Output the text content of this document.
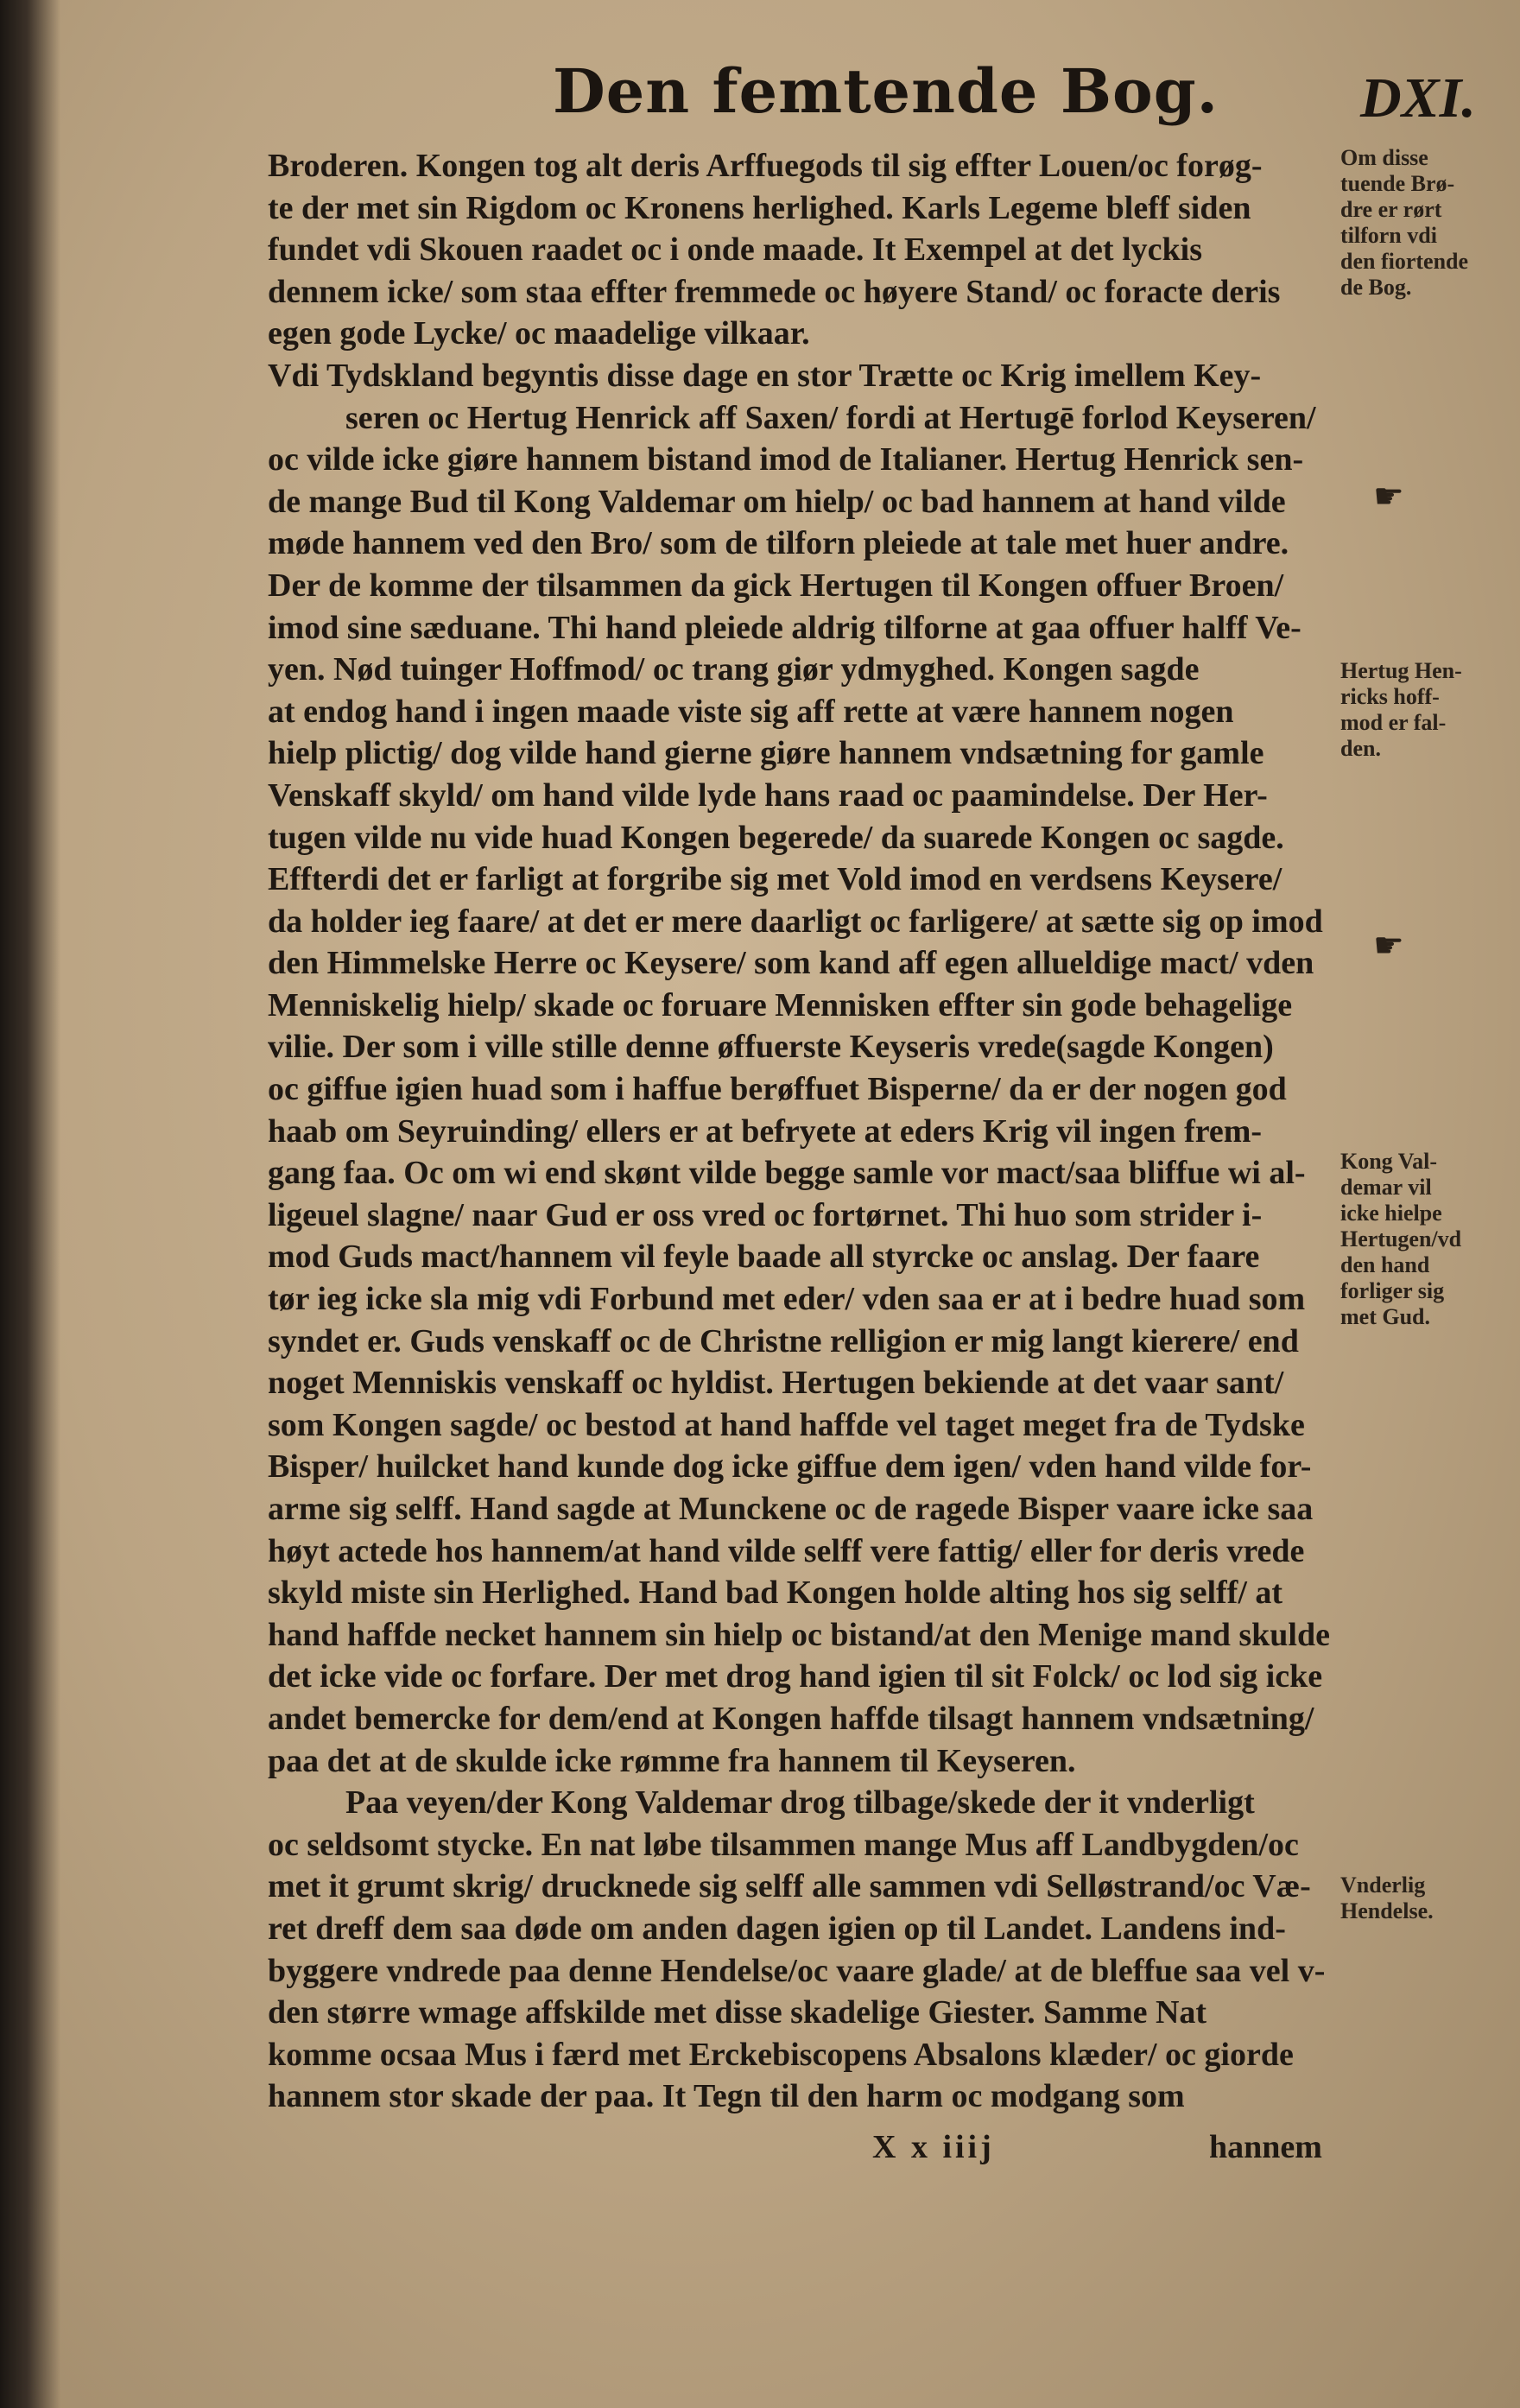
Den femtende Bog. DXI.
Broderen. Kongen tog alt deris Arffuegods til sig effter Louen/oc forøg-
te der met sin Rigdom oc Kronens herlighed. Karls Legeme bleff siden
fundet vdi Skouen raadet oc i onde maade. It Exempel at det lyckis
dennem icke/ som staa effter fremmede oc høyere Stand/ oc foracte deris
egen gode Lycke/ oc maadelige vilkaar.
Vdi Tydskland begyntis disse dage en stor Trætte oc Krig imellem Key-
seren oc Hertug Henrick aff Saxen/ fordi at Hertugē forlod Keyseren/
oc vilde icke giøre hannem bistand imod de Italianer. Hertug Henrick sen-
de mange Bud til Kong Valdemar om hielp/ oc bad hannem at hand vilde
møde hannem ved den Bro/ som de tilforn pleiede at tale met huer andre.
Der de komme der tilsammen da gick Hertugen til Kongen offuer Broen/
imod sine sæduane. Thi hand pleiede aldrig tilforne at gaa offuer halff Ve-
yen. Nød tuinger Hoffmod/ oc trang giør ydmyghed. Kongen sagde
at endog hand i ingen maade viste sig aff rette at være hannem nogen
hielp plictig/ dog vilde hand gierne giøre hannem vndsætning for gamle
Venskaff skyld/ om hand vilde lyde hans raad oc paamindelse. Der Her-
tugen vilde nu vide huad Kongen begerede/ da suarede Kongen oc sagde.
Effterdi det er farligt at forgribe sig met Vold imod en verdsens Keysere/
da holder ieg faare/ at det er mere daarligt oc farligere/ at sætte sig op imod
den Himmelske Herre oc Keysere/ som kand aff egen allueldige mact/ vden
Menniskelig hielp/ skade oc foruare Mennisken effter sin gode behagelige
vilie. Der som i ville stille denne øffuerste Keyseris vrede(sagde Kongen)
oc giffue igien huad som i haffue berøffuet Bisperne/ da er der nogen god
haab om Seyruinding/ ellers er at befryete at eders Krig vil ingen frem-
gang faa. Oc om wi end skønt vilde begge samle vor mact/saa bliffue wi al-
ligeuel slagne/ naar Gud er oss vred oc fortørnet. Thi huo som strider i-
mod Guds mact/hannem vil feyle baade all styrcke oc anslag. Der faare
tør ieg icke sla mig vdi Forbund met eder/ vden saa er at i bedre huad som
syndet er. Guds venskaff oc de Christne relligion er mig langt kierere/ end
noget Menniskis venskaff oc hyldist. Hertugen bekiende at det vaar sant/
som Kongen sagde/ oc bestod at hand haffde vel taget meget fra de Tydske
Bisper/ huilcket hand kunde dog icke giffue dem igen/ vden hand vilde for-
arme sig selff. Hand sagde at Munckene oc de ragede Bisper vaare icke saa
høyt actede hos hannem/at hand vilde selff vere fattig/ eller for deris vrede
skyld miste sin Herlighed. Hand bad Kongen holde alting hos sig selff/ at
hand haffde necket hannem sin hielp oc bistand/at den Menige mand skulde
det icke vide oc forfare. Der met drog hand igien til sit Folck/ oc lod sig icke
andet bemercke for dem/end at Kongen haffde tilsagt hannem vndsætning/
paa det at de skulde icke rømme fra hannem til Keyseren.
Paa veyen/der Kong Valdemar drog tilbage/skede der it vnderligt
oc seldsomt stycke. En nat løbe tilsammen mange Mus aff Landbygden/oc
met it grumt skrig/ drucknede sig selff alle sammen vdi Selløstrand/oc Væ-
ret dreff dem saa døde om anden dagen igien op til Landet. Landens ind-
byggere vndrede paa denne Hendelse/oc vaare glade/ at de bleffue saa vel v-
den større wmage affskilde met disse skadelige Giester. Samme Nat
komme ocsaa Mus i færd met Erckebiscopens Absalons klæder/ oc giorde
hannem stor skade der paa. It Tegn til den harm oc modgang som
Om disse
tuende Brø-
dre er rørt
tilforn vdi
den fiortende
de Bog.
☛
Hertug Hen-
ricks hoff-
mod er fal-
den.
☛
Kong Val-
demar vil
icke hielpe
Hertugen/vd
den hand
forliger sig
met Gud.
Vnderlig
Hendelse.
X x iiij	hannem
